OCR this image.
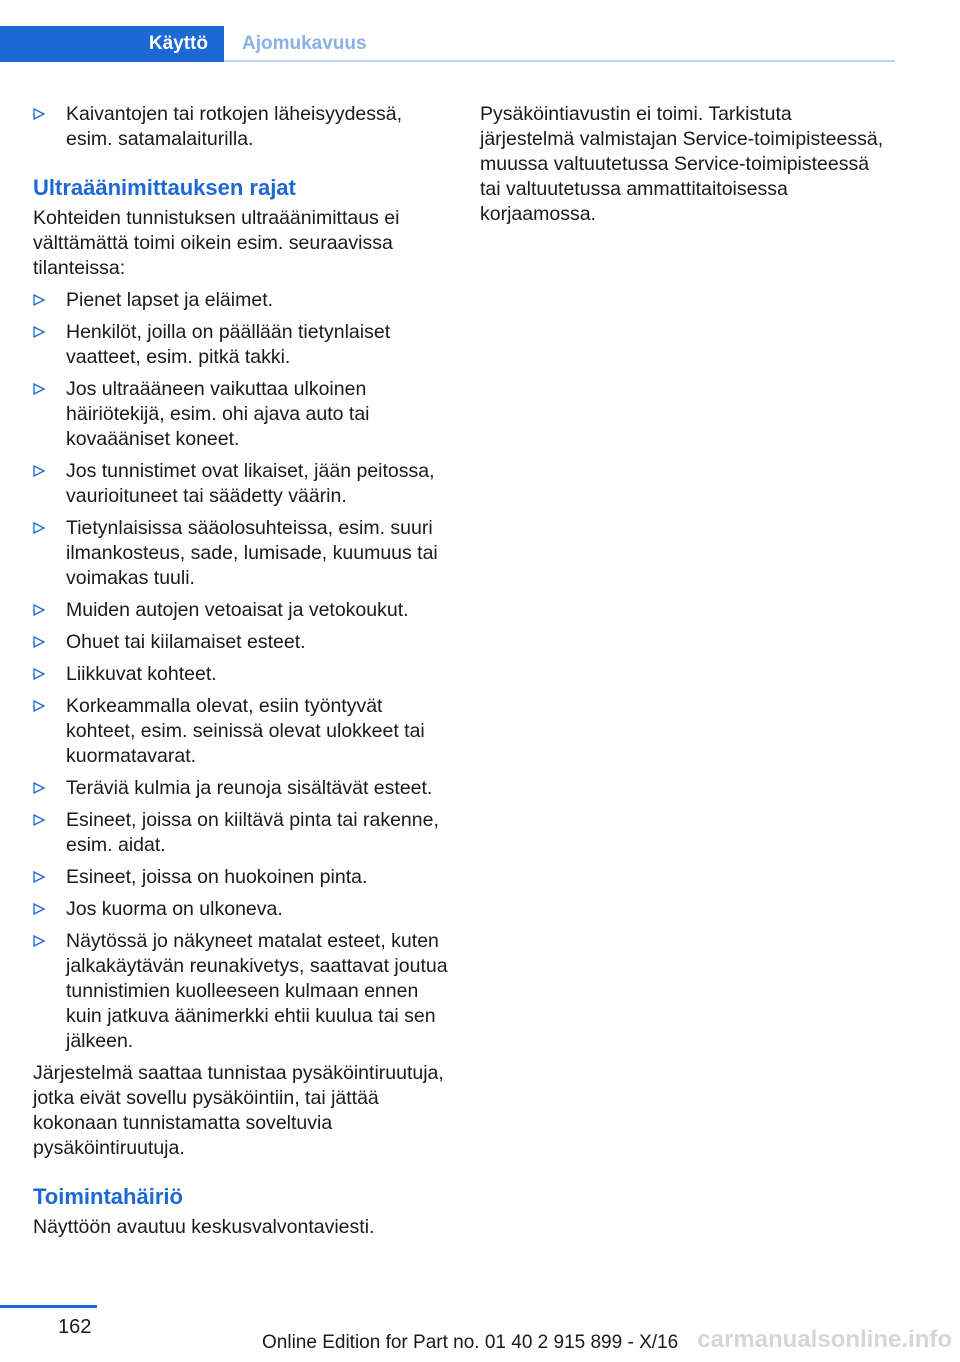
Käyttö	Ajomukavuus
Kaivantojen tai rotkojen läheisyydessä, esim. satamalaiturilla.
Ultraäänimittauksen rajat

Kohteiden tunnistuksen ultraäänimittaus ei välttämättä toimi oikein esim. seuraavissa tilanteissa:

Pienet lapset ja eläimet.
Henkilöt, joilla on päällään tietynlaiset vaatteet, esim. pitkä takki.
Jos ultraääneen vaikuttaa ulkoinen häiriötekijä, esim. ohi ajava auto tai kovaääniset koneet.
Jos tunnistimet ovat likaiset, jään peitossa, vaurioituneet tai säädetty väärin.
Tietynlaisissa sääolosuhteissa, esim. suuri ilmankosteus, sade, lumisade, kuumuus tai voimakas tuuli.
Muiden autojen vetoaisat ja vetokoukut.
Ohuet tai kiilamaiset esteet.
Liikkuvat kohteet.
Korkeammalla olevat, esiin työntyvät kohteet, esim. seinissä olevat ulokkeet tai kuormatavarat.
Teräviä kulmia ja reunoja sisältävät esteet.
Esineet, joissa on kiiltävä pinta tai rakenne, esim. aidat.
Esineet, joissa on huokoinen pinta.
Jos kuorma on ulkoneva.
Näytössä jo näkyneet matalat esteet, kuten jalkakäytävän reunakivetys, saattavat joutua tunnistimien kuolleeseen kulmaan ennen kuin jatkuva äänimerkki ehtii kuulua tai sen jälkeen.

Järjestelmä saattaa tunnistaa pysäköintiruutuja, jotka eivät sovellu pysäköintiin, tai jättää kokonaan tunnistamatta soveltuvia pysäköintiruutuja.

Toimintahäiriö

Näyttöön avautuu keskusvalvontaviesti.

Pysäköintiavustin ei toimi. Tarkistuta järjestelmä valmistajan Service-toimipisteessä, muussa valtuutetussa Service-toimipisteessä tai valtuutetussa ammattitaitoisessa korjaamossa.

162
Online Edition for Part no. 01 40 2 915 899 - X/16 carmanualsonline.info
